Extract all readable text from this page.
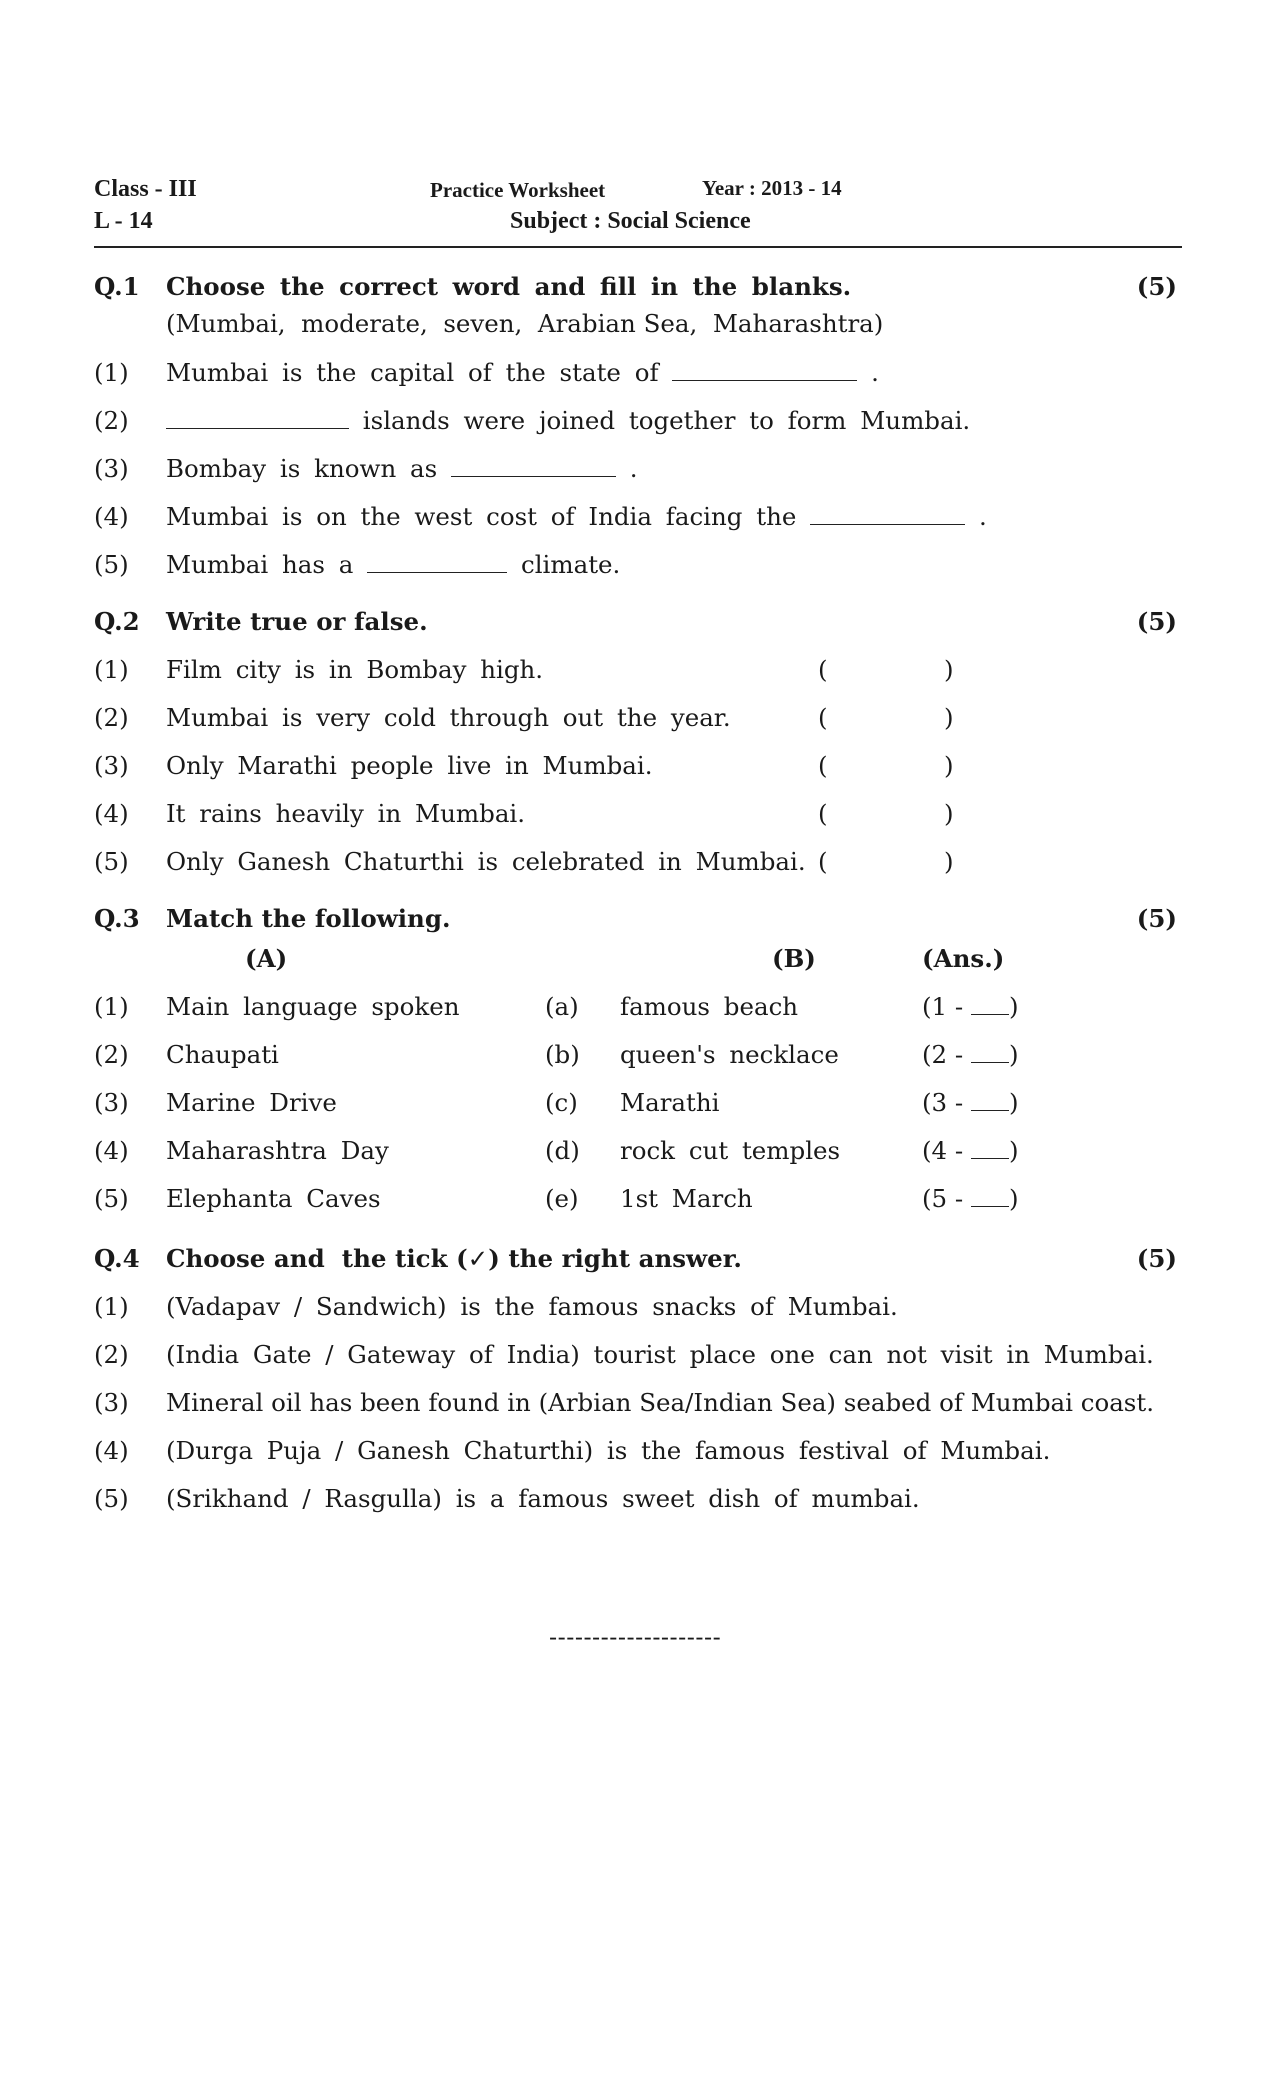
Class - III
L - 14
Practice Worksheet	Year : 2013 - 14
Subject : Social Science
Q.1 Choose the correct word and fill in the blanks.	(5)
(Mumbai,  moderate,  seven,  Arabian Sea,  Maharashtra)
(1) Mumbai is the capital of the state of	.
(2)	islands were joined together to form Mumbai.
(3) Bombay is known as	.
(4) Mumbai is on the west cost of India facing the	.
(5) Mumbai has a	climate.
Q.2 Write true or false.	(5)
(1) Film city is in Bombay high.	(	)
(2) Mumbai is very cold through out the year.	(	)
(3) Only Marathi people live in Mumbai.	(	)
(4) It rains heavily in Mumbai.	(	)
(5) Only Ganesh Chaturthi is celebrated in Mumbai. (	)
Q.3 Match the following.	(5)
(A)	(B)	(Ans.)
(1) Main language spoken	(a) famous beach	(1 - )
(2) Chaupati	(b) queen's necklace	(2 - )
(3) Marine Drive	(c) Marathi	(3 - )
(4) Maharashtra Day	(d) rock cut temples	(4 - )
(5) Elephanta Caves	(e) 1st March	(5 - )
Q.4 Choose and  the tick (✓) the right answer.	(5)
(1) (Vadapav / Sandwich) is the famous snacks of Mumbai.
(2) (India Gate / Gateway of India) tourist place one can not visit in Mumbai.
(3) Mineral oil has been found in (Arbian Sea/Indian Sea) seabed of Mumbai coast.
(4) (Durga Puja / Ganesh Chaturthi) is the famous festival of Mumbai.
(5) (Srikhand / Rasgulla) is a famous sweet dish of mumbai.
--------------------
